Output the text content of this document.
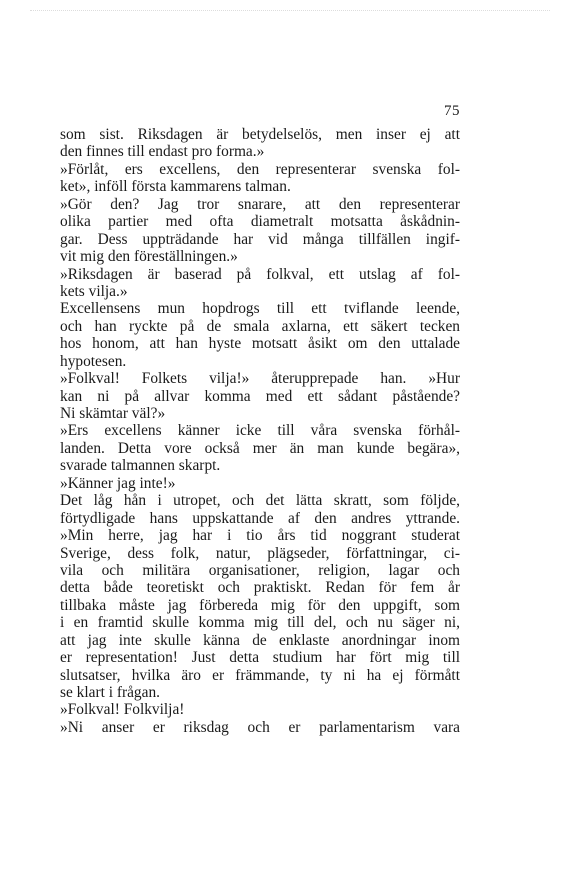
75
som sist. Riksdagen är betydelselös, men inser ej att
den finnes till endast pro forma.»
»Förlåt, ers excellens, den representerar svenska fol-
ket», inföll första kammarens talman.
»Gör den? Jag tror snarare, att den representerar
olika partier med ofta diametralt motsatta åskådnin-
gar. Dess uppträdande har vid många tillfällen ingif-
vit mig den föreställningen.»
»Riksdagen är baserad på folkval, ett utslag af fol-
kets vilja.»
Excellensens mun hopdrogs till ett tviflande leende,
och han ryckte på de smala axlarna, ett säkert tecken
hos honom, att han hyste motsatt åsikt om den uttalade
hypotesen.
»Folkval! Folkets vilja!» återupprepade han. »Hur
kan ni på allvar komma med ett sådant påstående?
Ni skämtar väl?»
»Ers excellens känner icke till våra svenska förhål-
landen. Detta vore också mer än man kunde begära»,
svarade talmannen skarpt.
»Känner jag inte!»
Det låg hån i utropet, och det lätta skratt, som följde,
förtydligade hans uppskattande af den andres yttrande.
»Min herre, jag har i tio års tid noggrant studerat
Sverige, dess folk, natur, plägseder, författningar, ci-
vila och militära organisationer, religion, lagar och
detta både teoretiskt och praktiskt. Redan för fem år
tillbaka måste jag förbereda mig för den uppgift, som
i en framtid skulle komma mig till del, och nu säger ni,
att jag inte skulle känna de enklaste anordningar inom
er representation! Just detta studium har fört mig till
slutsatser, hvilka äro er främmande, ty ni ha ej förmått
se klart i frågan.
»Folkval! Folkvilja!
»Ni anser er riksdag och er parlamentarism vara
